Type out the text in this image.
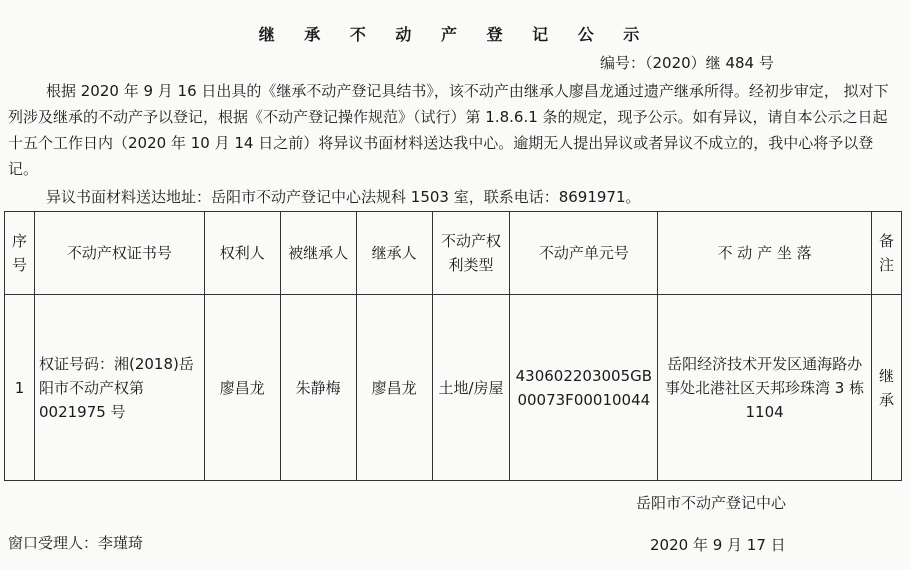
继 承 不 动 产 登 记 公 示
编号：（2020）继 484 号
根据 2020 年 9 月 16 日出具的《继承不动产登记具结书》，该不动产由继承人廖昌龙通过遗产继承所得。经初步审定， 拟对下列涉及继承的不动产予以登记，根据《不动产登记操作规范》（试行）第 1.8.6.1 条的规定，现予公示。如有异议，请自本公示之日起十五个工作日内（2020 年 10 月 14 日之前）将异议书面材料送达我中心。逾期无人提出异议或者异议不成立的，我中心将予以登记。
异议书面材料送达地址：岳阳市不动产登记中心法规科 1503 室，联系电话：8691971。
序号	不动产权证书号	权利人	被继承人	继承人	不动产权利类型	不动产单元号	不 动 产 坐 落	备注
1	权证号码：湘(2018)岳阳市不动产权第0021975 号	廖昌龙	朱静梅	廖昌龙	土地/房屋	430602203005GB00073F00010044	岳阳经济技术开发区通海路办事处北港社区天邦珍珠湾 3 栋 1104	继承
岳阳市不动产登记中心
窗口受理人：李瑾琦	2020 年 9 月 17 日
